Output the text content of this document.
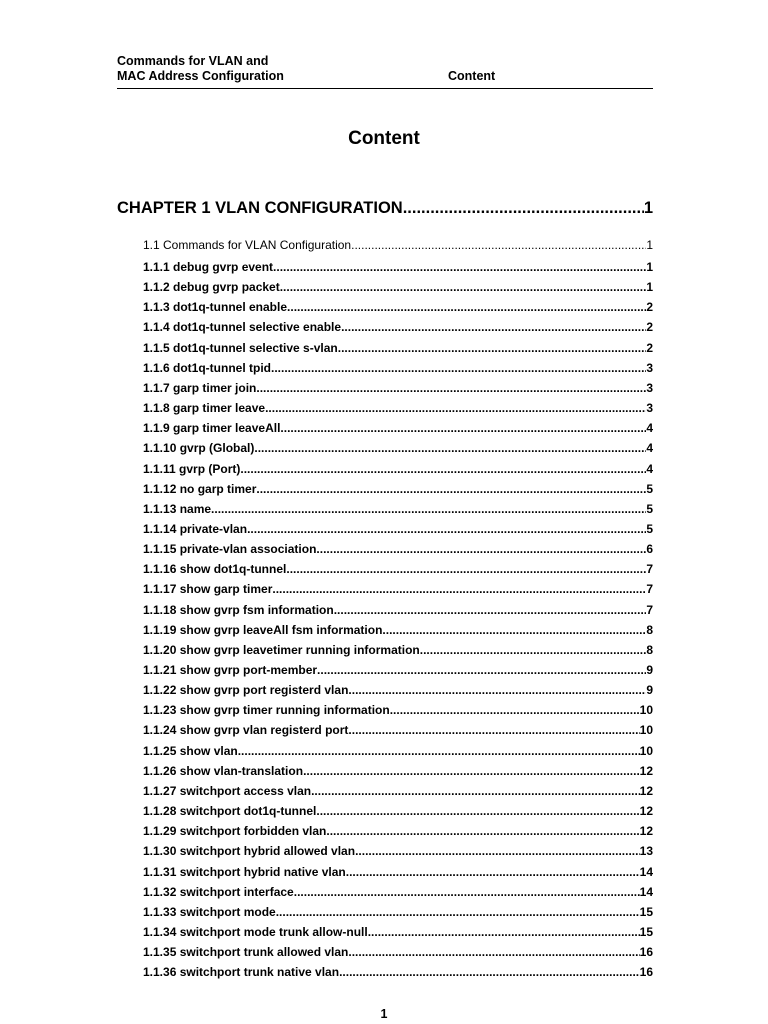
Commands for VLAN and
MAC Address Configuration	Content
Content
CHAPTER 1 VLAN CONFIGURATION .....	1
1.1 Commands for VLAN Configuration .....	1
1.1.1 debug gvrp event .....	1
1.1.2 debug gvrp packet .....	1
1.1.3 dot1q-tunnel enable .....	2
1.1.4 dot1q-tunnel selective enable .....	2
1.1.5 dot1q-tunnel selective s-vlan .....	2
1.1.6 dot1q-tunnel tpid .....	3
1.1.7 garp timer join .....	3
1.1.8 garp timer leave .....	3
1.1.9 garp timer leaveAll .....	4
1.1.10 gvrp (Global) .....	4
1.1.11 gvrp (Port) .....	4
1.1.12 no garp timer .....	5
1.1.13 name .....	5
1.1.14 private-vlan .....	5
1.1.15 private-vlan association .....	6
1.1.16 show dot1q-tunnel .....	7
1.1.17 show garp timer .....	7
1.1.18 show gvrp fsm information .....	7
1.1.19 show gvrp leaveAll fsm information .....	8
1.1.20 show gvrp leavetimer running information .....	8
1.1.21 show gvrp port-member .....	9
1.1.22 show gvrp port registerd vlan .....	9
1.1.23 show gvrp timer running information .....	10
1.1.24 show gvrp vlan registerd port .....	10
1.1.25 show vlan .....	10
1.1.26 show vlan-translation .....	12
1.1.27 switchport access vlan .....	12
1.1.28 switchport dot1q-tunnel .....	12
1.1.29 switchport forbidden vlan .....	12
1.1.30 switchport hybrid allowed vlan .....	13
1.1.31 switchport hybrid native vlan .....	14
1.1.32 switchport interface .....	14
1.1.33 switchport mode .....	15
1.1.34 switchport mode trunk allow-null .....	15
1.1.35 switchport trunk allowed vlan .....	16
1.1.36 switchport trunk native vlan .....	16
1
